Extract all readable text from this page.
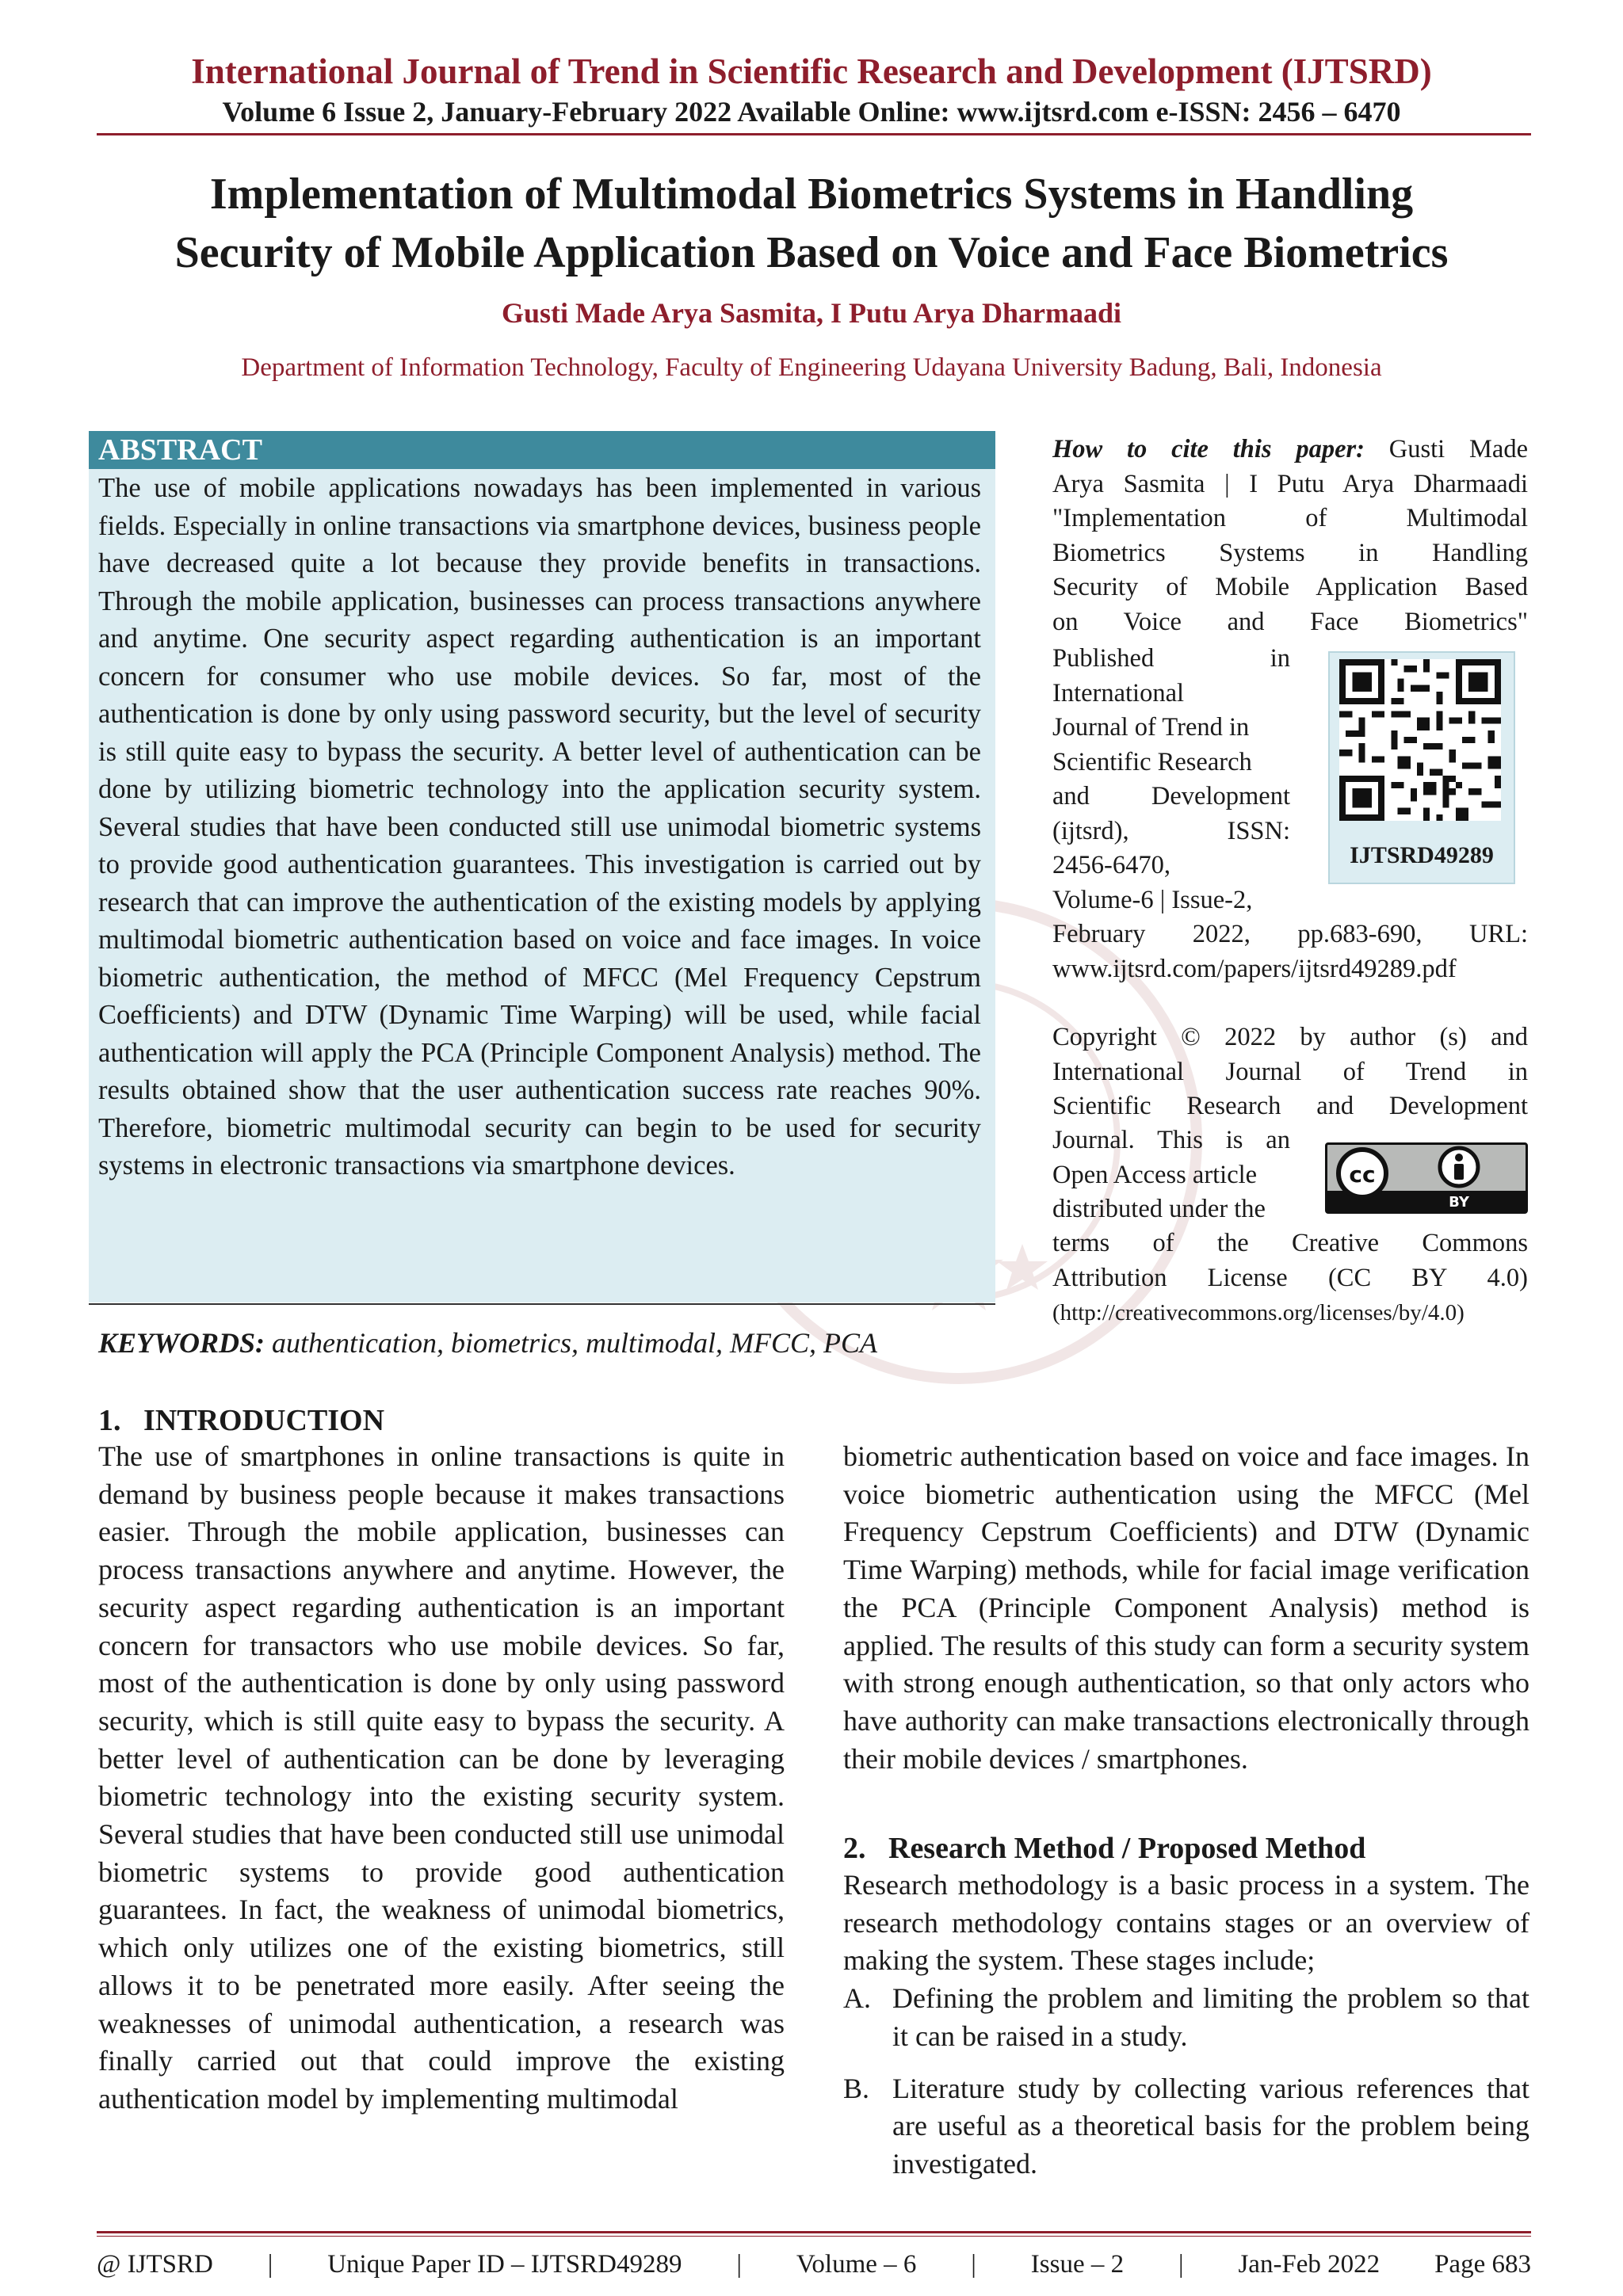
International Journal of Trend in Scientific Research and Development (IJTSRD)
Volume 6 Issue 2, January-February 2022 Available Online: www.ijtsrd.com e-ISSN: 2456 – 6470
Implementation of Multimodal Biometrics Systems in Handling
Security of Mobile Application Based on Voice and Face Biometrics
Gusti Made Arya Sasmita, I Putu Arya Dharmaadi
Department of Information Technology, Faculty of Engineering Udayana University Badung, Bali, Indonesia
ABSTRACT
The use of mobile applications nowadays has been implemented in various fields. Especially in online transactions via smartphone devices, business people have decreased quite a lot because they provide benefits in transactions. Through the mobile application, businesses can process transactions anywhere and anytime. One security aspect regarding authentication is an important concern for consumer who use mobile devices. So far, most of the authentication is done by only using password security, but the level of security is still quite easy to bypass the security. A better level of authentication can be done by utilizing biometric technology into the application security system. Several studies that have been conducted still use unimodal biometric systems to provide good authentication guarantees. This investigation is carried out by research that can improve the authentication of the existing models by applying multimodal biometric authentication based on voice and face images. In voice biometric authentication, the method of MFCC (Mel Frequency Cepstrum Coefficients) and DTW (Dynamic Time Warping) will be used, while facial authentication will apply the PCA (Principle Component Analysis) method. The results obtained show that the user authentication success rate reaches 90%. Therefore, biometric multimodal security can begin to be used for security systems in electronic transactions via smartphone devices.
KEYWORDS: authentication, biometrics, multimodal, MFCC, PCA
How to cite this paper: Gusti Made
Arya Sasmita | I Putu Arya Dharmaadi
"Implementation of Multimodal
Biometrics Systems in Handling
Security of Mobile Application Based
on Voice and Face Biometrics"
Published in
International
Journal of Trend in
Scientific Research
and Development
(ijtsrd), ISSN:
2456-6470,
Volume-6 | Issue-2,
February 2022, pp.683-690, URL:
www.ijtsrd.com/papers/ijtsrd49289.pdf
IJTSRD49289
Copyright © 2022 by author (s) and
International Journal of Trend in
Scientific Research and Development
Journal. This is an
Open Access article
distributed under the
cc
BY
terms of the Creative Commons
Attribution License (CC BY 4.0)
(http://creativecommons.org/licenses/by/4.0)
1.   INTRODUCTION
The use of smartphones in online transactions is quite in demand by business people because it makes transactions easier. Through the mobile application, businesses can process transactions anywhere and anytime. However, the security aspect regarding authentication is an important concern for transactors who use mobile devices. So far, most of the authentication is done by only using password security, which is still quite easy to bypass the security. A better level of authentication can be done by leveraging biometric technology into the existing security system. Several studies that have been conducted still use unimodal biometric systems to provide good authentication guarantees. In fact, the weakness of unimodal biometrics, which only utilizes one of the existing biometrics, still allows it to be penetrated more easily. After seeing the weaknesses of unimodal authentication, a research was finally carried out that could improve the existing authentication model by implementing multimodal
biometric authentication based on voice and face images. In voice biometric authentication using the MFCC (Mel Frequency Cepstrum Coefficients) and DTW (Dynamic Time Warping) methods, while for facial image verification the PCA (Principle Component Analysis) method is applied. The results of this study can form a security system with strong enough authentication, so that only actors who have authority can make transactions electronically through their mobile devices / smartphones.
2.   Research Method / Proposed Method
Research methodology is a basic process in a system. The research methodology contains stages or an overview of making the system. These stages include;
A. Defining the problem and limiting the problem so that it can be raised in a study.
B. Literature study by collecting various references that are useful as a theoretical basis for the problem being investigated.
@ IJTSRD | Unique Paper ID – IJTSRD49289 | Volume – 6 | Issue – 2 | Jan-Feb 2022 Page 683
